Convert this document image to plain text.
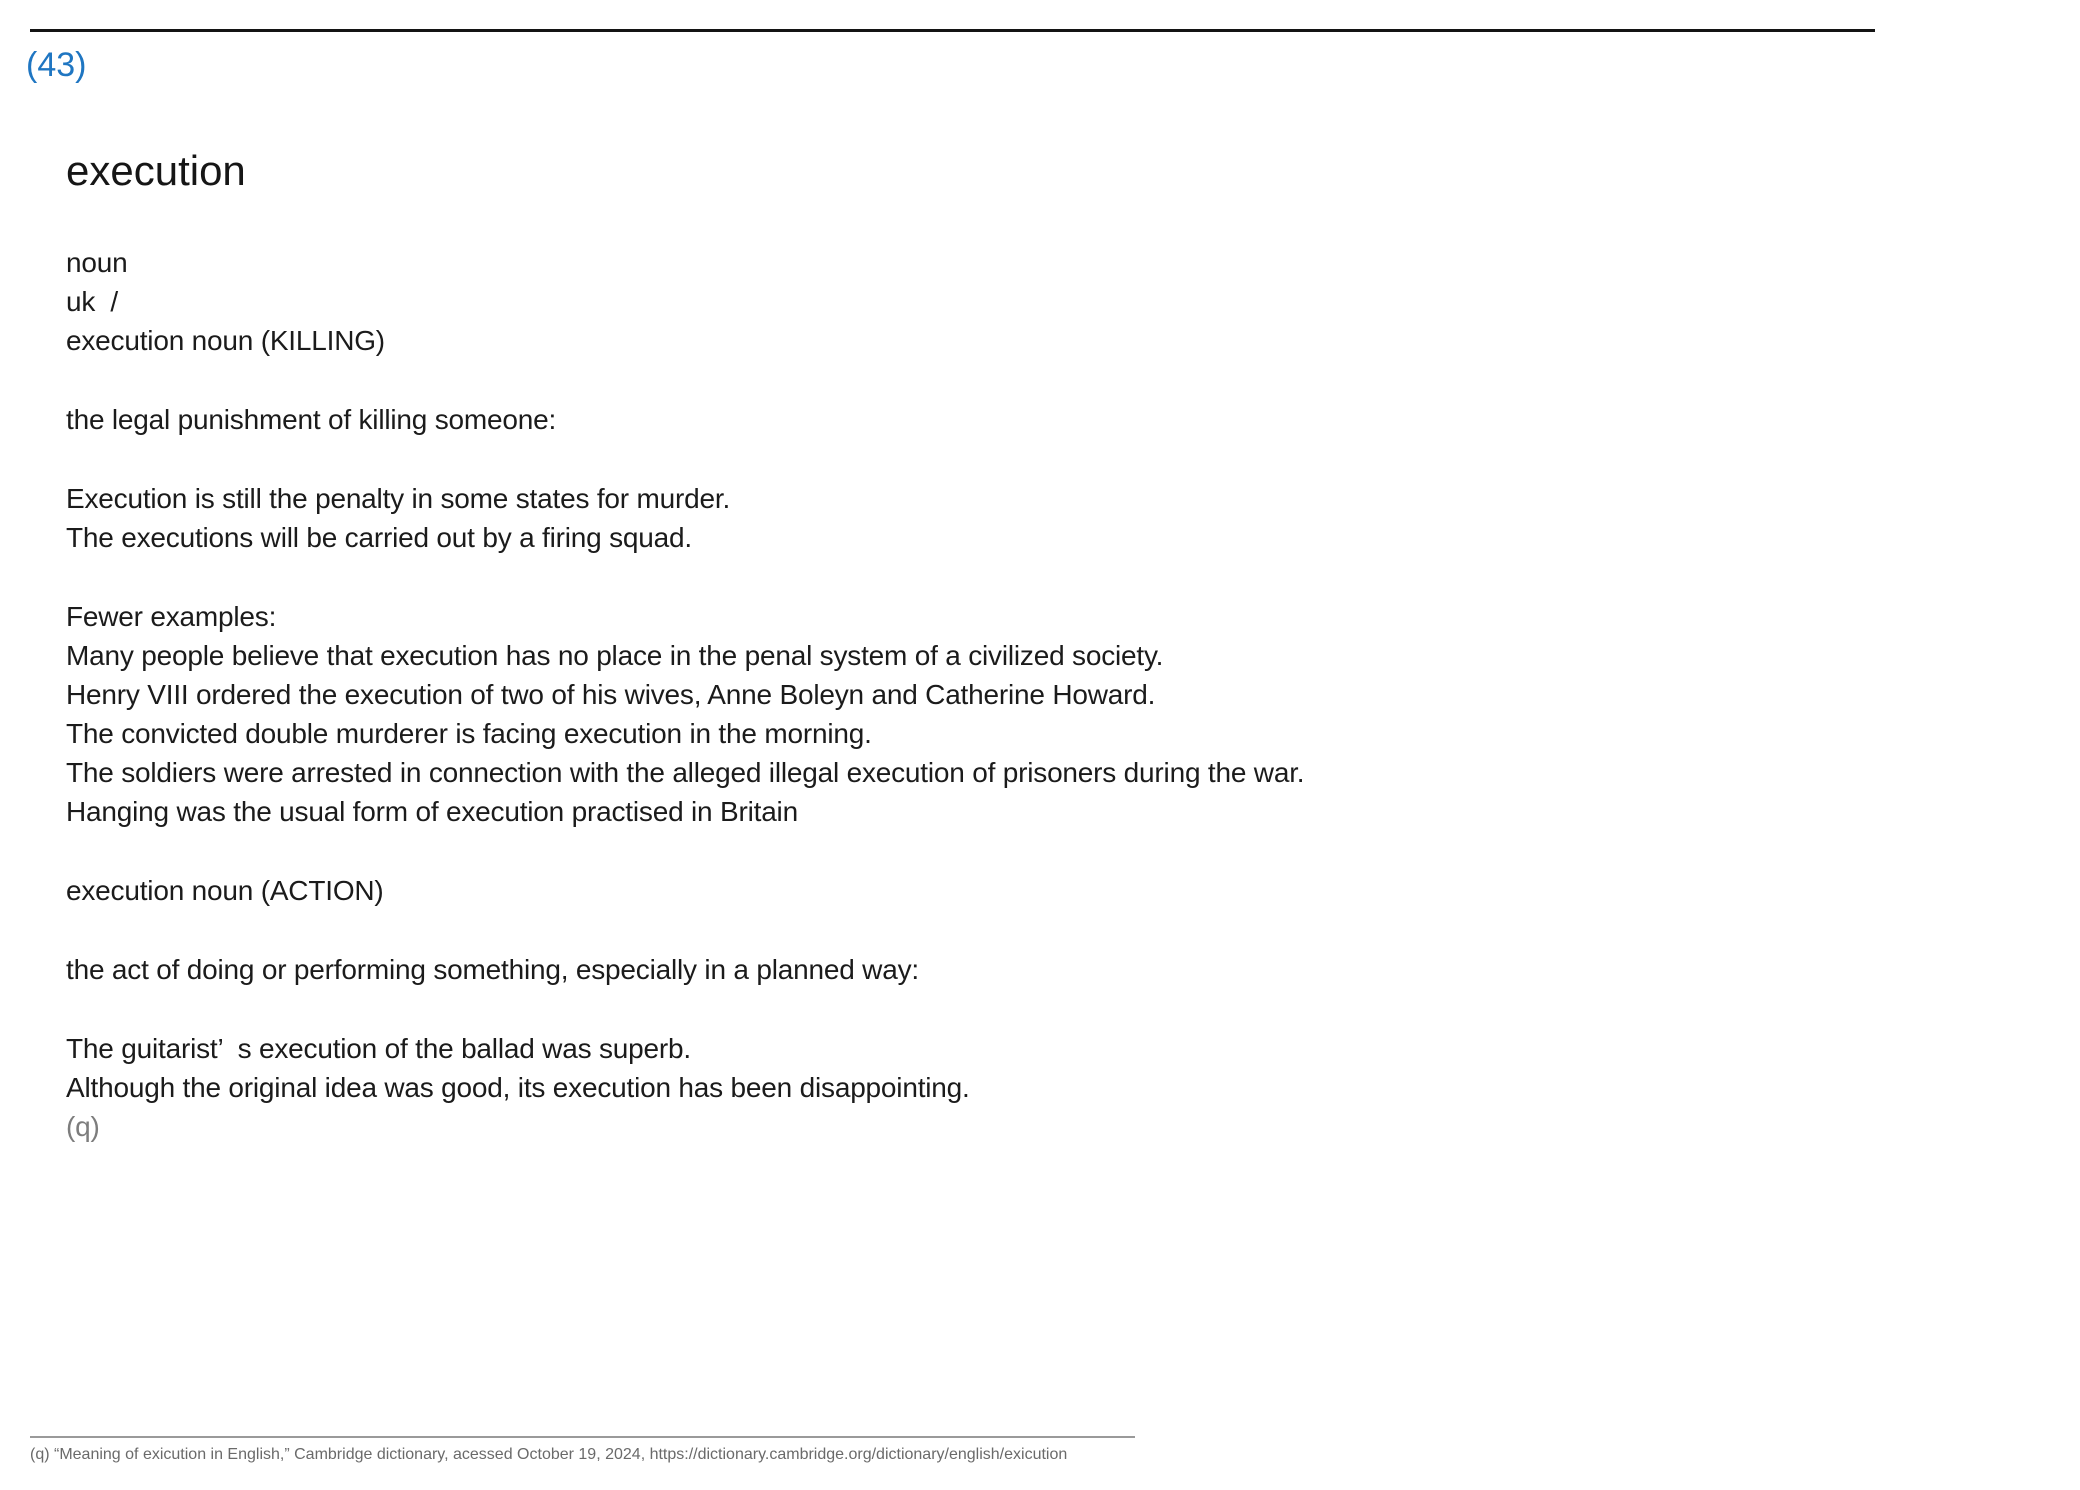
(43)
execution
noun
uk  /
execution noun (KILLING)
the legal punishment of killing someone:
Execution is still the penalty in some states for murder.
The executions will be carried out by a firing squad.
Fewer examples:
Many people believe that execution has no place in the penal system of a civilized society.
Henry VIII ordered the execution of two of his wives, Anne Boleyn and Catherine Howard.
The convicted double murderer is facing execution in the morning.
The soldiers were arrested in connection with the alleged illegal execution of prisoners during the war.
Hanging was the usual form of execution practised in Britain
execution noun (ACTION)
the act of doing or performing something, especially in a planned way:
The guitarist’  s execution of the ballad was superb.
Although the original idea was good, its execution has been disappointing.
(q)
(q) “Meaning of exicution in English,” Cambridge dictionary, acessed October 19, 2024, https://dictionary.cambridge.org/dictionary/english/exicution
